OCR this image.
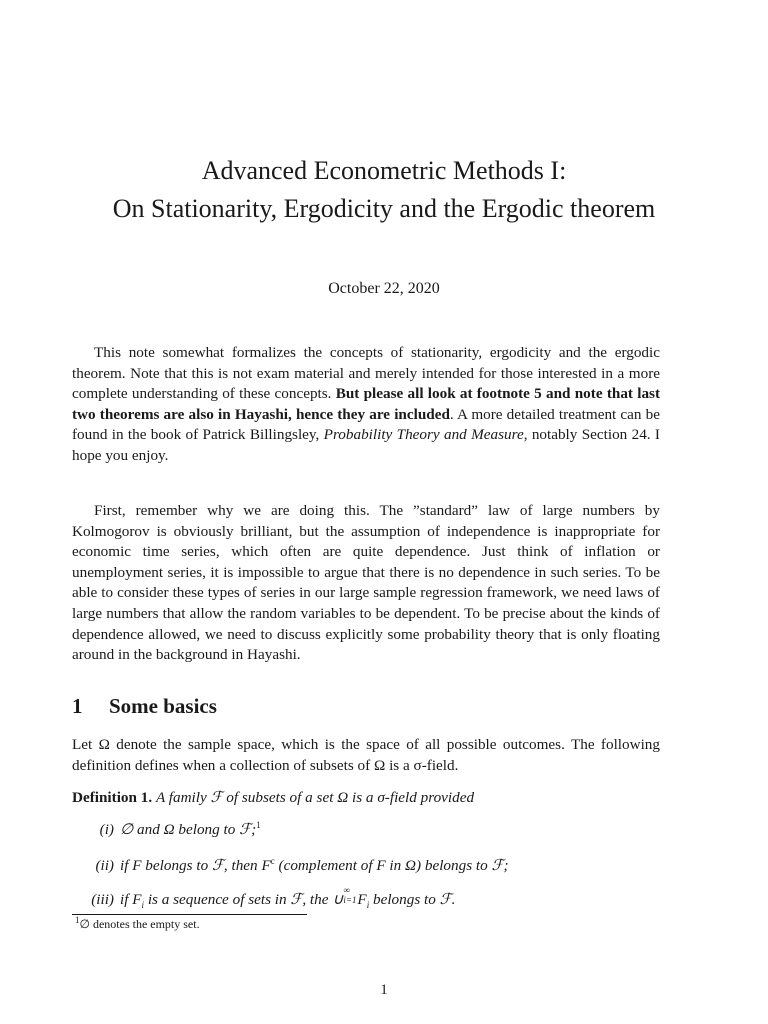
Advanced Econometric Methods I:
On Stationarity, Ergodicity and the Ergodic theorem
October 22, 2020

This note somewhat formalizes the concepts of stationarity, ergodicity and the ergodic theorem. Note that this is not exam material and merely intended for those interested in a more complete understanding of these concepts. But please all look at footnote 5 and note that last two theorems are also in Hayashi, hence they are included. A more detailed treatment can be found in the book of Patrick Billingsley, Probability Theory and Measure, notably Section 24. I hope you enjoy.

First, remember why we are doing this. The ”standard” law of large numbers by Kolmogorov is obviously brilliant, but the assumption of independence is inappropriate for economic time series, which often are quite dependence. Just think of inflation or unemployment series, it is impossible to argue that there is no dependence in such series. To be able to consider these types of series in our large sample regression framework, we need laws of large numbers that allow the random variables to be dependent. To be precise about the kinds of dependence allowed, we need to discuss explicitly some probability theory that is only floating around in the background in Hayashi.

1 Some basics

Let Ω denote the sample space, which is the space of all possible outcomes. The following definition defines when a collection of subsets of Ω is a σ-field.

Definition 1. A family ℱ of subsets of a set Ω is a σ-field provided
(i) ∅ and Ω belong to ℱ;$^1$
(ii) if F belongs to ℱ, then $F^c$ (complement of F in Ω) belongs to ℱ;
(iii) if $F_i$ is a sequence of sets in ℱ, the ∪
∞
i=1 $F_i$ belongs to ℱ.
$^1$∅ denotes the empty set.
1
